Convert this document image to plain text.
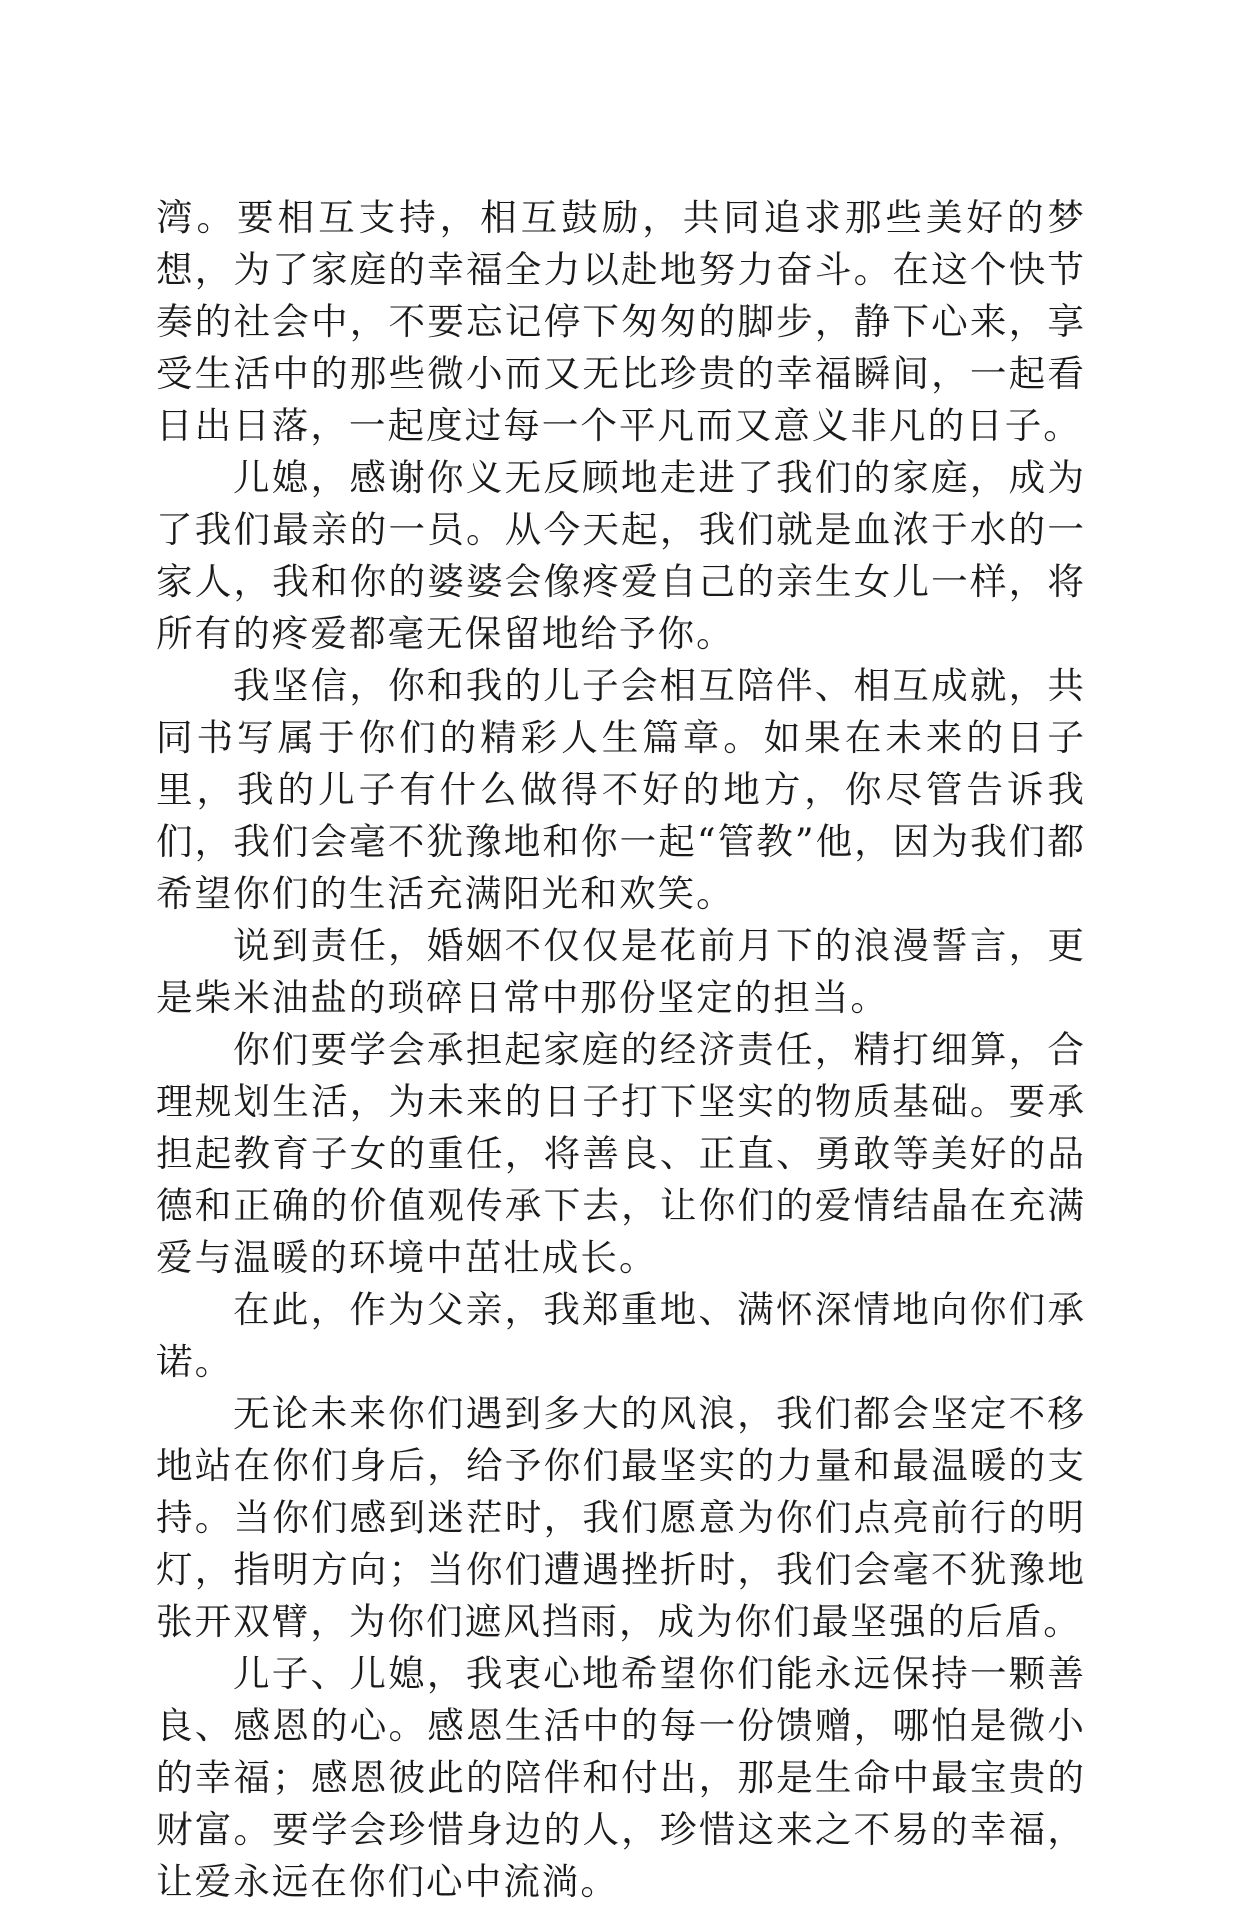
湾。要相互支持，相互鼓励，共同追求那些美好的梦想，为了家庭的幸福全力以赴地努力奋斗。在这个快节奏的社会中，不要忘记停下匆匆的脚步，静下心来，享受生活中的那些微小而又无比珍贵的幸福瞬间，一起看日出日落，一起度过每一个平凡而又意义非凡的日子。

儿媳，感谢你义无反顾地走进了我们的家庭，成为了我们最亲的一员。从今天起，我们就是血浓于水的一家人，我和你的婆婆会像疼爱自己的亲生女儿一样，将所有的疼爱都毫无保留地给予你。

我坚信，你和我的儿子会相互陪伴、相互成就，共同书写属于你们的精彩人生篇章。如果在未来的日子里，我的儿子有什么做得不好的地方，你尽管告诉我们，我们会毫不犹豫地和你一起“管教”他，因为我们都希望你们的生活充满阳光和欢笑。

说到责任，婚姻不仅仅是花前月下的浪漫誓言，更是柴米油盐的琐碎日常中那份坚定的担当。

你们要学会承担起家庭的经济责任，精打细算，合理规划生活，为未来的日子打下坚实的物质基础。要承担起教育子女的重任，将善良、正直、勇敢等美好的品德和正确的价值观传承下去，让你们的爱情结晶在充满爱与温暖的环境中茁壮成长。

在此，作为父亲，我郑重地、满怀深情地向你们承诺。

无论未来你们遇到多大的风浪，我们都会坚定不移地站在你们身后，给予你们最坚实的力量和最温暖的支持。当你们感到迷茫时，我们愿意为你们点亮前行的明灯，指明方向；当你们遭遇挫折时，我们会毫不犹豫地张开双臂，为你们遮风挡雨，成为你们最坚强的后盾。

儿子、儿媳，我衷心地希望你们能永远保持一颗善良、感恩的心。感恩生活中的每一份馈赠，哪怕是微小的幸福；感恩彼此的陪伴和付出，那是生命中最宝贵的财富。要学会珍惜身边的人，珍惜这来之不易的幸福，让爱永远在你们心中流淌。
